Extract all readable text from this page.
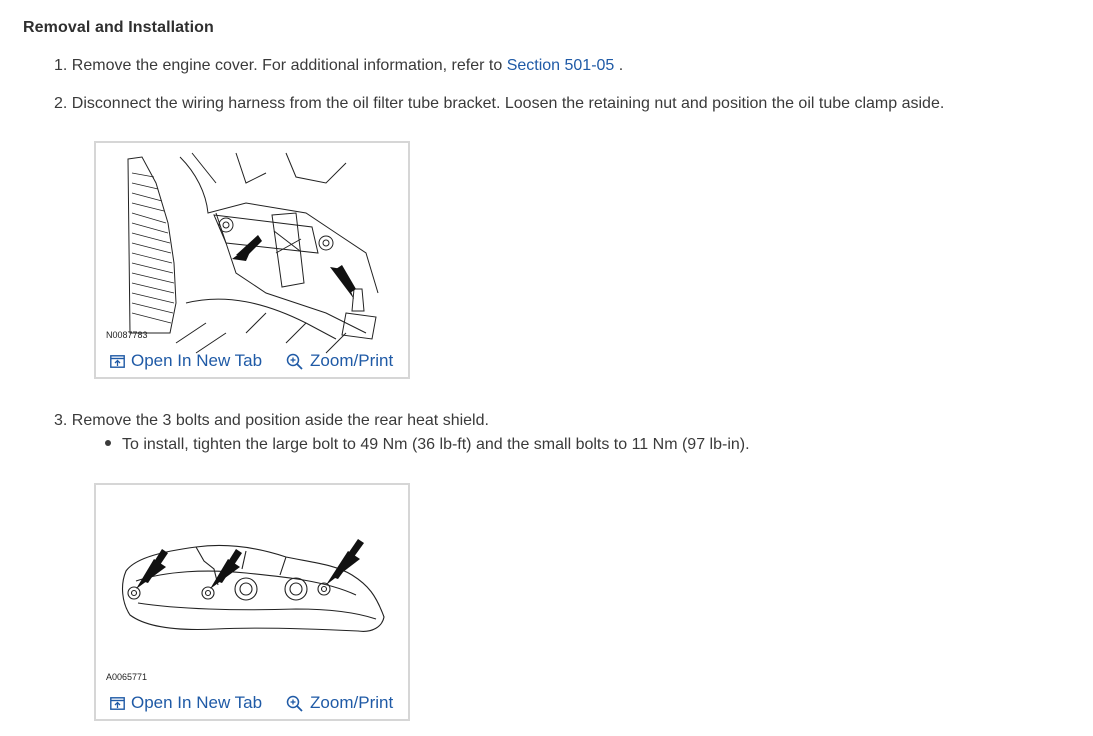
Removal and Installation
1. Remove the engine cover. For additional information, refer to Section 501-05 .
2. Disconnect the wiring harness from the oil filter tube bracket. Loosen the retaining nut and position the oil tube clamp aside.
N0087783
Open In New Tab	Zoom/Print
3. Remove the 3 bolts and position aside the rear heat shield.
To install, tighten the large bolt to 49 Nm (36 lb-ft) and the small bolts to 11 Nm (97 lb-in).
A0065771
Open In New Tab	Zoom/Print
